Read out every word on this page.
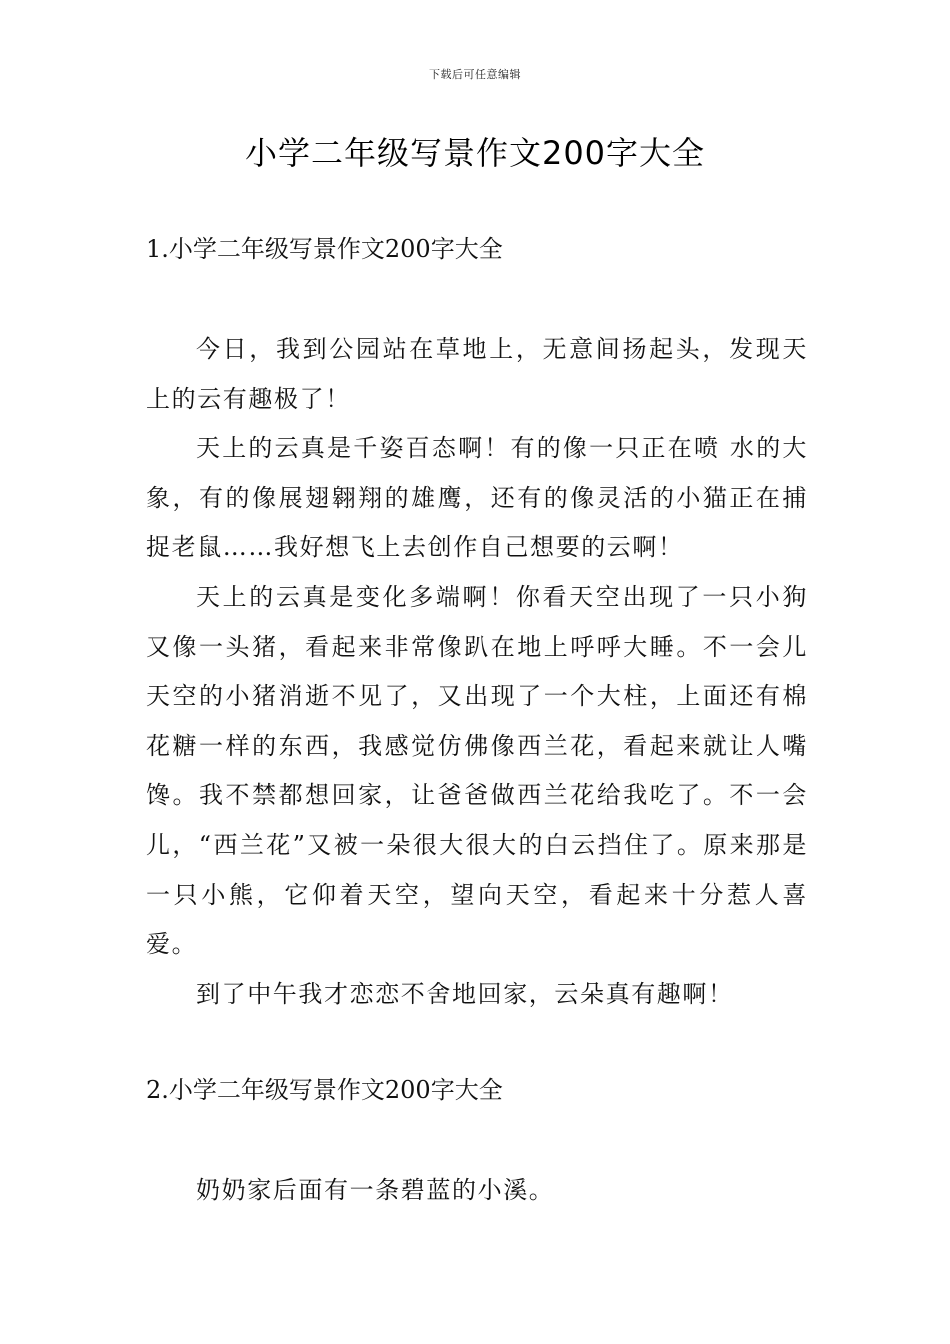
下载后可任意编辑
小学二年级写景作文200字大全
1.小学二年级写景作文200字大全

今日，我到公园站在草地上，无意间扬起头，发现天上的云有趣极了！

天上的云真是千姿百态啊！有的像一只正在喷 水的大象，有的像展翅翱翔的雄鹰，还有的像灵活的小猫正在捕捉老鼠……我好想飞上去创作自己想要的云啊！

天上的云真是变化多端啊！你看天空出现了一只小狗又像一头猪，看起来非常像趴在地上呼呼大睡。不一会儿天空的小猪消逝不见了，又出现了一个大柱，上面还有棉花糖一样的东西，我感觉仿佛像西兰花，看起来就让人嘴馋。我不禁都想回家，让爸爸做西兰花给我吃了。不一会儿，“西兰花”又被一朵很大很大的白云挡住了。原来那是一只小熊，它仰着天空，望向天空，看起来十分惹人喜爱。

到了中午我才恋恋不舍地回家，云朵真有趣啊！

2.小学二年级写景作文200字大全

奶奶家后面有一条碧蓝的小溪。
